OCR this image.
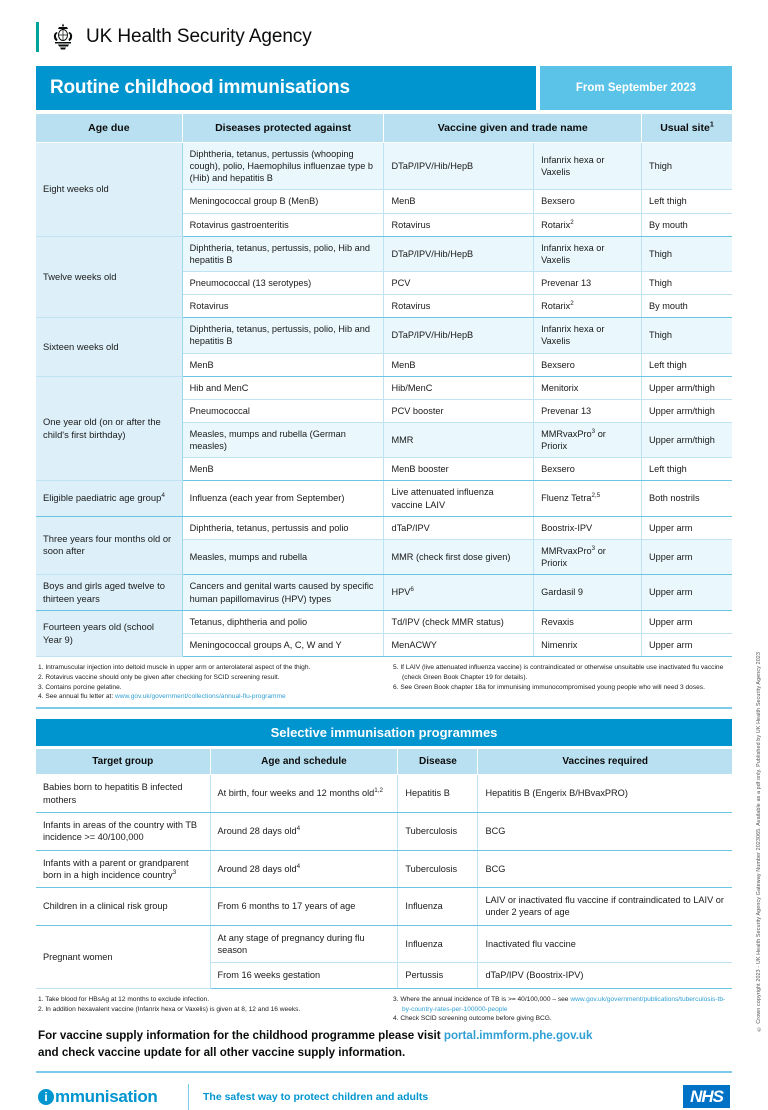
UK Health Security Agency
Routine childhood immunisations	From September 2023
Age due	Diseases protected against	Vaccine given and trade name		Usual site$^1$
Eight weeks old	Diphtheria, tetanus, pertussis (whooping cough), polio, Haemophilus influenzae type b (Hib) and hepatitis B	DTaP/IPV/Hib/HepB	Infanrix hexa or Vaxelis	Thigh
	Meningococcal group B (MenB)	MenB	Bexsero	Left thigh
	Rotavirus gastroenteritis	Rotavirus	Rotarix$^2$	By mouth
Twelve weeks old	Diphtheria, tetanus, pertussis, polio, Hib and hepatitis B	DTaP/IPV/Hib/HepB	Infanrix hexa or Vaxelis	Thigh
	Pneumococcal (13 serotypes)	PCV	Prevenar 13	Thigh
	Rotavirus	Rotavirus	Rotarix$^2$	By mouth
Sixteen weeks old	Diphtheria, tetanus, pertussis, polio, Hib and hepatitis B	DTaP/IPV/Hib/HepB	Infanrix hexa or Vaxelis	Thigh
	MenB	MenB	Bexsero	Left thigh
One year old (on or after the child's first birthday)	Hib and MenC	Hib/MenC	Menitorix	Upper arm/thigh
	Pneumococcal	PCV booster	Prevenar 13	Upper arm/thigh
	Measles, mumps and rubella (German measles)	MMR	MMRvaxPro$^3$ or Priorix	Upper arm/thigh
	MenB	MenB booster	Bexsero	Left thigh
Eligible paediatric age group$^4$	Influenza (each year from September)	Live attenuated influenza vaccine LAIV	Fluenz Tetra$^{2,5}$	Both nostrils
Three years four months old or soon after	Diphtheria, tetanus, pertussis and polio	dTaP/IPV	Boostrix-IPV	Upper arm
	Measles, mumps and rubella	MMR (check first dose given)	MMRvaxPro$^3$ or Priorix	Upper arm
Boys and girls aged twelve to thirteen years	Cancers and genital warts caused by specific human papillomavirus (HPV) types	HPV$^6$	Gardasil 9	Upper arm
Fourteen years old (school Year 9)	Tetanus, diphtheria and polio	Td/IPV (check MMR status)	Revaxis	Upper arm
	Meningococcal groups A, C, W and Y	MenACWY	Nimenrix	Upper arm
1. Intramuscular injection into deltoid muscle in upper arm or anterolateral aspect of the thigh.
2. Rotavirus vaccine should only be given after checking for SCID screening result.
3. Contains porcine gelatine.
4. See annual flu letter at: www.gov.uk/government/collections/annual-flu-programme
5. If LAIV (live attenuated influenza vaccine) is contraindicated or otherwise unsuitable use inactivated flu vaccine (check Green Book Chapter 19 for details).
6. See Green Book chapter 18a for immunising immunocompromised young people who will need 3 doses.
Selective immunisation programmes
Target group	Age and schedule	Disease	Vaccines required
Babies born to hepatitis B infected mothers	At birth, four weeks and 12 months old$^{1,2}$	Hepatitis B	Hepatitis B (Engerix B/HBvaxPRO)
Infants in areas of the country with TB incidence >= 40/100,000	Around 28 days old$^4$	Tuberculosis	BCG
Infants with a parent or grandparent born in a high incidence country$^3$	Around 28 days old$^4$	Tuberculosis	BCG
Children in a clinical risk group	From 6 months to 17 years of age	Influenza	LAIV or inactivated flu vaccine if contraindicated to LAIV or under 2 years of age
Pregnant women	At any stage of pregnancy during flu season	Influenza	Inactivated flu vaccine
	From 16 weeks gestation	Pertussis	dTaP/IPV (Boostrix-IPV)
1. Take blood for HBsAg at 12 months to exclude infection.
2. In addition hexavalent vaccine (Infanrix hexa or Vaxelis) is given at 8, 12 and 16 weeks.
3. Where the annual incidence of TB is >= 40/100,000 – see www.gov.uk/government/publications/tuberculosis-tb-by-country-rates-per-100000-people
4. Check SCID screening outcome before giving BCG.
For vaccine supply information for the childhood programme please visit portal.immform.phe.gov.uk
and check vaccine update for all other vaccine supply information.
i mmunisation	The safest way to protect children and adults	NHS
© Crown copyright 2023 - UK Health Security Agency Gateway Number 2023065. Available as a pdf only. Published by UK Health Security Agency 2023
